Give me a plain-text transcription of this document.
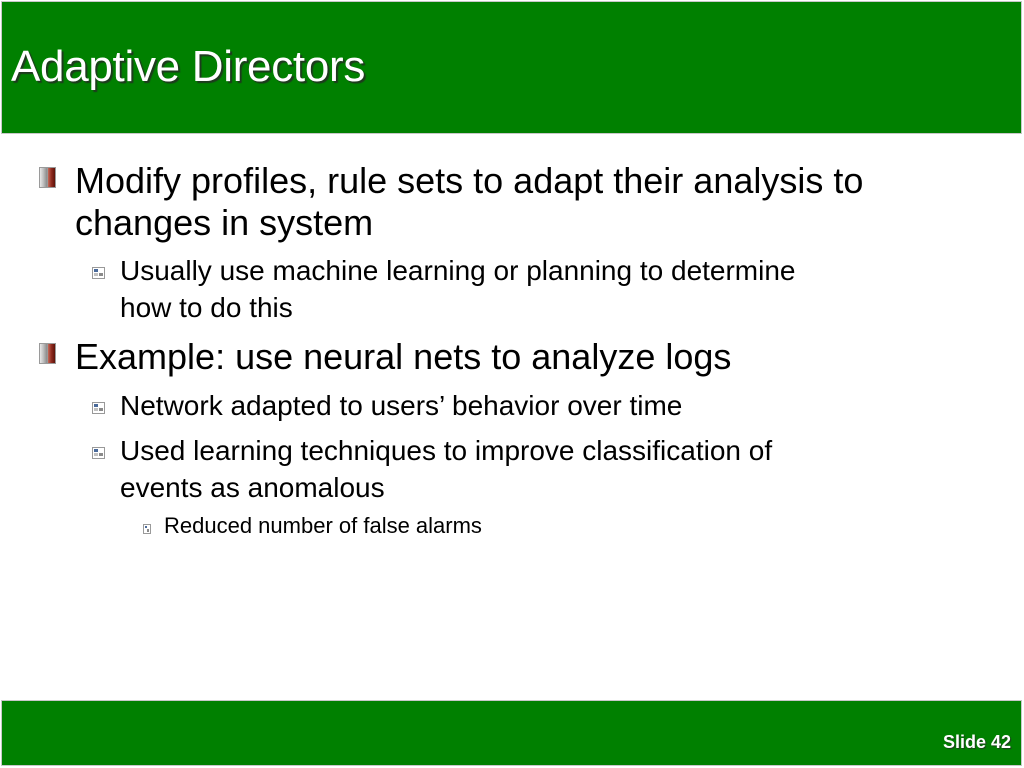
Adaptive Directors
Modify profiles, rule sets to adapt their analysis to
changes in system
Usually use machine learning or planning to determine
how to do this
Example: use neural nets to analyze logs
Network adapted to users’ behavior over time
Used learning techniques to improve classification of
events as anomalous
Reduced number of false alarms
Slide 42
